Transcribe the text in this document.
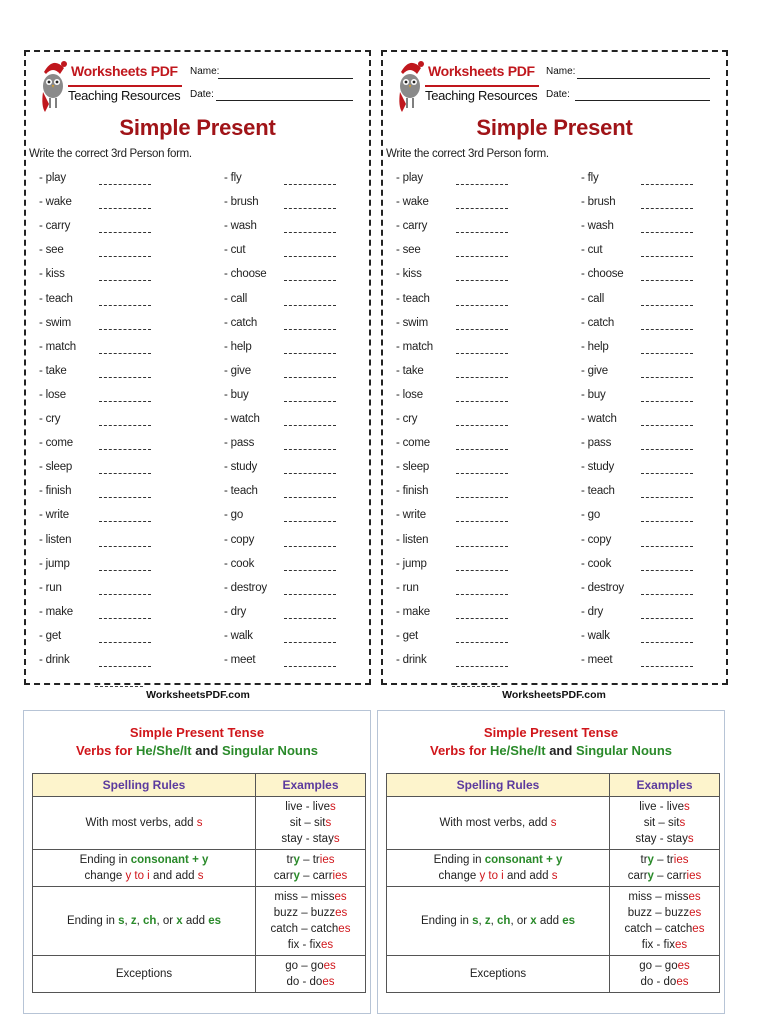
Worksheets PDF
Teaching Resources
Name:
Date:
Simple Present
Write the correct 3rd Person form.
- play
- wake
- carry
- see
- kiss
- teach
- swim
- match
- take
- lose
- cry
- come
- sleep
- finish
- write
- listen
- jump
- run
- make
- get
- drink
- fly
- brush
- wash
- cut
- choose
- call
- catch
- help
- give
- buy
- watch
- pass
- study
- teach
- go
- copy
- cook
- destroy
- dry
- walk
- meet
Worksheets PDF
Teaching Resources
Name:
Date:
Simple Present
Write the correct 3rd Person form.
- play
- wake
- carry
- see
- kiss
- teach
- swim
- match
- take
- lose
- cry
- come
- sleep
- finish
- write
- listen
- jump
- run
- make
- get
- drink
- fly
- brush
- wash
- cut
- choose
- call
- catch
- help
- give
- buy
- watch
- pass
- study
- teach
- go
- copy
- cook
- destroy
- dry
- walk
- meet
WorksheetsPDF.com	WorksheetsPDF.com
Simple Present Tense
Verbs for He/She/It and Singular Nouns
Spelling Rules	Examples
With most verbs, add s	live - lives
sit – sits
stay - stays
Ending in consonant + y
change y to i and add s	try – tries
carry – carries
Ending in s, z, ch, or x add es	miss – misses
buzz – buzzes
catch – catches
fix - fixes
Exceptions	go – goes
do - does
Simple Present Tense
Verbs for He/She/It and Singular Nouns
Spelling Rules	Examples
With most verbs, add s	live - lives
sit – sits
stay - stays
Ending in consonant + y
change y to i and add s	try – tries
carry – carries
Ending in s, z, ch, or x add es	miss – misses
buzz – buzzes
catch – catches
fix - fixes
Exceptions	go – goes
do - does
